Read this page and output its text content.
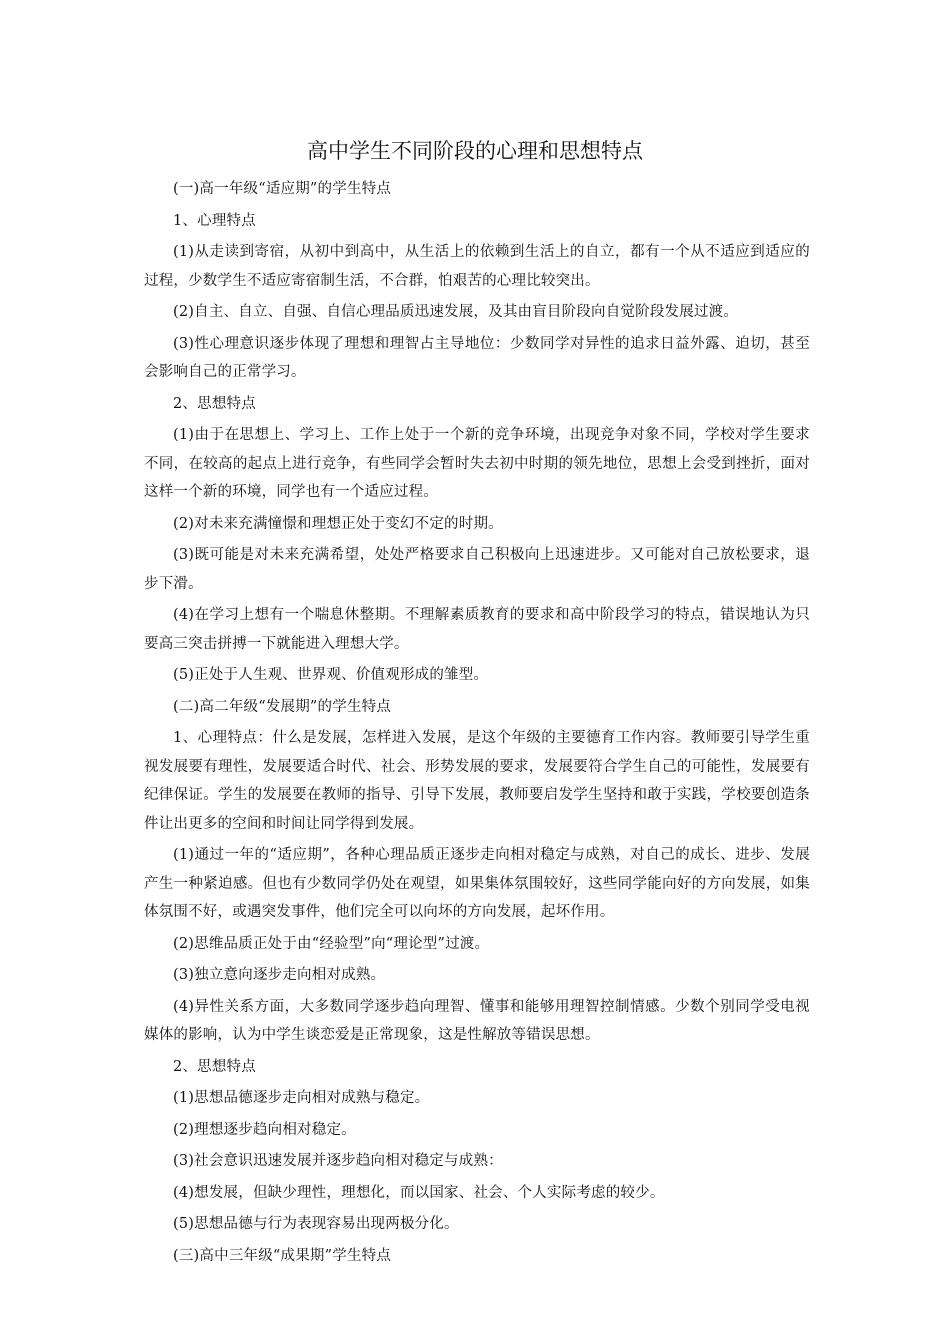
高中学生不同阶段的心理和思想特点

(一)高一年级“适应期”的学生特点

1、心理特点

(1)从走读到寄宿，从初中到高中，从生活上的依赖到生活上的自立，都有一个从不适应到适应的过程，少数学生不适应寄宿制生活，不合群，怕艰苦的心理比较突出。

(2)自主、自立、自强、自信心理品质迅速发展，及其由盲目阶段向自觉阶段发展过渡。

(3)性心理意识逐步体现了理想和理智占主导地位：少数同学对异性的追求日益外露、迫切，甚至会影响自己的正常学习。

2、思想特点

(1)由于在思想上、学习上、工作上处于一个新的竞争环境，出现竞争对象不同，学校对学生要求不同，在较高的起点上进行竞争，有些同学会暂时失去初中时期的领先地位，思想上会受到挫折，面对这样一个新的环境，同学也有一个适应过程。

(2)对未来充满憧憬和理想正处于变幻不定的时期。

(3)既可能是对未来充满希望，处处严格要求自己积极向上迅速进步。又可能对自己放松要求，退步下滑。

(4)在学习上想有一个喘息休整期。不理解素质教育的要求和高中阶段学习的特点，错误地认为只要高三突击拼搏一下就能进入理想大学。

(5)正处于人生观、世界观、价值观形成的雏型。

(二)高二年级“发展期”的学生特点

1、心理特点：什么是发展，怎样进入发展，是这个年级的主要德育工作内容。教师要引导学生重视发展要有理性，发展要适合时代、社会、形势发展的要求，发展要符合学生自己的可能性，发展要有纪律保证。学生的发展要在教师的指导、引导下发展，教师要启发学生坚持和敢于实践，学校要创造条件让出更多的空间和时间让同学得到发展。

(1)通过一年的“适应期”，各种心理品质正逐步走向相对稳定与成熟，对自己的成长、进步、发展产生一种紧迫感。但也有少数同学仍处在观望，如果集体氛围较好，这些同学能向好的方向发展，如集体氛围不好，或遇突发事件，他们完全可以向坏的方向发展，起坏作用。

(2)思维品质正处于由“经验型”向“理论型”过渡。

(3)独立意向逐步走向相对成熟。

(4)异性关系方面，大多数同学逐步趋向理智、懂事和能够用理智控制情感。少数个别同学受电视媒体的影响，认为中学生谈恋爱是正常现象，这是性解放等错误思想。

2、思想特点

(1)思想品德逐步走向相对成熟与稳定。

(2)理想逐步趋向相对稳定。

(3)社会意识迅速发展并逐步趋向相对稳定与成熟：

(4)想发展，但缺少理性，理想化，而以国家、社会、个人实际考虑的较少。

(5)思想品德与行为表现容易出现两极分化。

(三)高中三年级“成果期”学生特点
